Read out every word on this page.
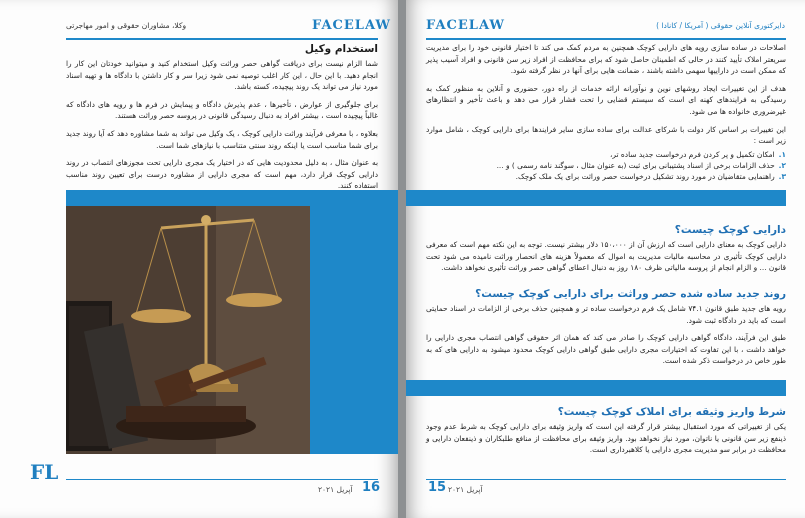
FACELAW
وکلا، مشاوران حقوقی و امور مهاجرتی
استخدام وکیل

شما الزام نیست برای دریافت گواهی حصر وراثت وکیل استخدام کنید و میتوانید خودتان این کار را انجام دهید. با این حال ، این کار اغلب توصیه نمی شود زیرا سر و کار داشتن با دادگاه ها و تهیه اسناد مورد نیاز می تواند یک روند پیچیده، کسته باشد.

برای جلوگیری از عوارض ، تأخیرها ، عدم پذیرش دادگاه و پیمایش در فرم ها و رویه های دادگاه که غالباً پیچیده است ، بیشتر افراد به دنبال رسیدگی قانونی در پروسه حصر وراثت هستند.

بعلاوه ، با معرفی فرآیند وراثت دارایی کوچک ، یک وکیل می تواند به شما مشاوره دهد که آیا روند جدید برای شما مناسب است یا اینکه روند سنتی متناسب با نیازهای شما است.

به عنوان مثال ، به دلیل محدودیت هایی که در اختیار یک مجری دارایی تحت مجوزهای انتصاب در روند دارایی کوچک قرار دارد، مهم است که مجری دارایی از مشاوره درست برای تعیین روند مناسب استفاده کنند.

FL
16
آپریل ۲۰۲۱
FACELAW	دایرکتوری آنلاین حقوقی ( آمریکا / کانادا )

اصلاحات در ساده سازی رویه های دارایی کوچک همچنین به مردم کمک می کند تا اختیار قانونی خود را برای مدیریت سریعتر املاک تأیید کنند در حالی که اطمینان حاصل شود که برای محافظت از افراد زیر سن قانونی و افراد آسیب پذیر که ممکن است در داراییها سهمی داشته باشند ، ضمانت هایی برای آنها در نظر گرفته شود.

هدف از این تغییرات ایجاد روشهای نوین و نوآورانه ارائه خدمات از راه دور، حضوری و آنلاین به منظور کمک به رسیدگی به فرایندهای کهنه ای است که سیستم قضایی را تحت فشار قرار می دهد و باعث تأخیر و انتظارهای غیرضروری خانواده ها می شود.

این تغییرات بر اساس کار دولت با شرکای عدالت برای ساده سازی سایر فرایندها برای دارایی کوچک ، شامل موارد زیر است :

۱.امکان تکمیل و پر کردن فرم درخواست جدید ساده تر،
۲.حذف الزامات برخی از اسناد پشتیبانی برای ثبت (به عنوان مثال ، سوگند نامه رسمی ) و ...
۳.راهنمایی متقاضیان در مورد روند تشکیل درخواست حصر وراثت برای یک ملک کوچک.
دارایی کوچک چیست؟

دارایی کوچک به معنای دارایی است که ارزش آن از ۱۵۰،۰۰۰ دلار بیشتر نیست. توجه به این نکته مهم است که معرفی دارایی کوچک تأثیری در محاسبه مالیات مدیریت به اموال که معمولاً هزینه های انحصار وراثت نامیده می شود تحت قانون ... و الزام انجام از پروسه مالیاتی ظرف ۱۸۰ روز به دنبال اعطای گواهی حصر وراثت تأثیری نخواهد داشت.

روند جدید ساده شده حصر وراثت برای دارایی کوچک چیست؟

رویه های جدید طبق قانون ۷۴.۱ شامل یک فرم درخواست ساده تر و همچنین حذف برخی از الزامات در اسناد حمایتی است که باید در دادگاه ثبت شود.

طبق این فرآیند، دادگاه گواهی دارایی کوچک را صادر می کند که همان اثر حقوقی گواهی انتصاب مجری دارایی را خواهد داشت ، با این تفاوت که اختیارات مجری دارایی طبق گواهی دارایی کوچک محدود میشود به دارایی های که به طور خاص در درخواست ذکر شده است.

شرط واریز وثیقه برای املاک کوچک چیست؟

یکی از تغییراتی که مورد استقبال بیشتر قرار گرفته این است که واریز وثیقه برای دارایی کوچک به شرط عدم وجود ذینفع زیر سن قانونی یا ناتوان، مورد نیاز نخواهد بود. واریز وثیقه برای محافظت از منافع طلبکاران و ذینفعان دارایی و محافظت در برابر سو مدیریت مجری دارایی یا کلاهبرداری است.

15 آپریل ۲۰۲۱
